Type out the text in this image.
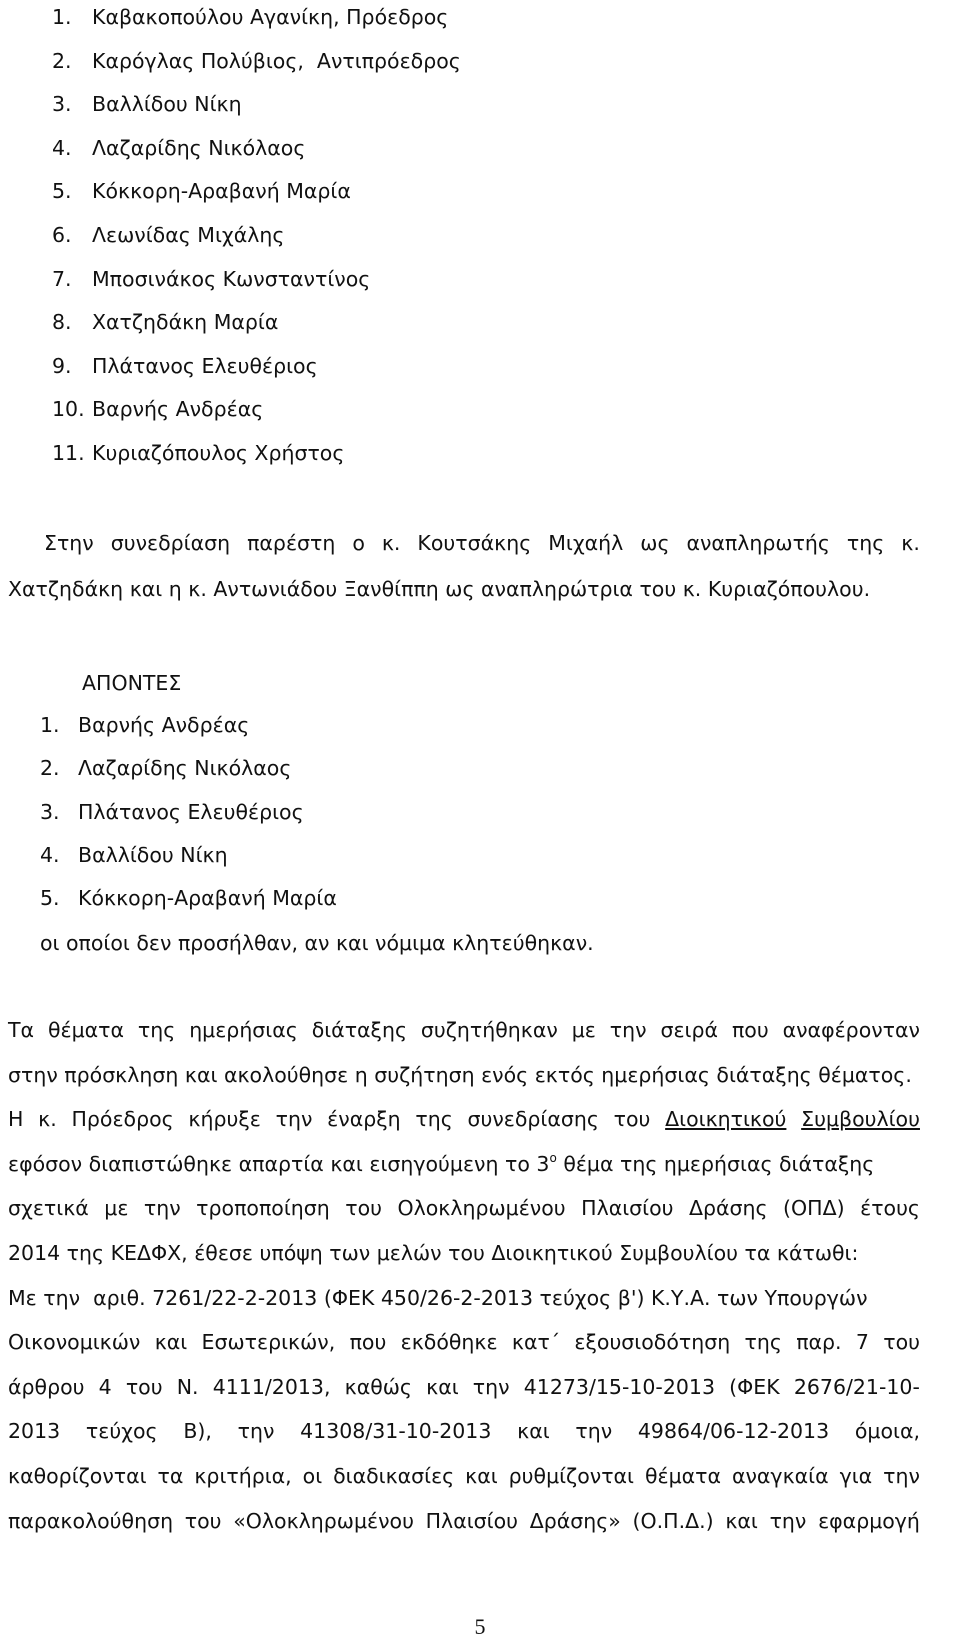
1. Καβακοπούλου Αγανίκη, Πρόεδρος
2. Καρόγλας Πολύβιος,  Αντιπρόεδρος
3. Βαλλίδου Νίκη
4. Λαζαρίδης Νικόλαος
5. Κόκκορη-Αραβανή Μαρία
6. Λεωνίδας Μιχάλης
7. Μποσινάκος Κωνσταντίνος
8. Χατζηδάκη Μαρία
9. Πλάτανος Ελευθέριος
10. Βαρνής Ανδρέας
11. Κυριαζόπουλος Χρήστος
Στην συνεδρίαση παρέστη ο κ. Κουτσάκης Μιχαήλ ως αναπληρωτής της κ.
Χατζηδάκη και η κ. Αντωνιάδου Ξανθίππη ως αναπληρώτρια του κ. Κυριαζόπουλου.
ΑΠΟΝΤΕΣ
1. Βαρνής Ανδρέας
2. Λαζαρίδης Νικόλαος
3. Πλάτανος Ελευθέριος
4. Βαλλίδου Νίκη
5. Κόκκορη-Αραβανή Μαρία
οι οποίοι δεν προσήλθαν, αν και νόμιμα κλητεύθηκαν.
Τα θέματα της ημερήσιας διάταξης συζητήθηκαν με την σειρά που αναφέρονταν
στην πρόσκληση και ακολούθησε η συζήτηση ενός εκτός ημερήσιας διάταξης θέματος.
Η κ. Πρόεδρος κήρυξε την έναρξη της συνεδρίασης του Διοικητικού Συμβουλίου
εφόσον διαπιστώθηκε απαρτία και εισηγούμενη το $3^o$ θέμα της ημερήσιας διάταξης
σχετικά με την τροποποίηση του Ολοκληρωμένου Πλαισίου Δράσης (ΟΠΔ) έτους
2014 της ΚΕΔΦΧ, έθεσε υπόψη των μελών του Διοικητικού Συμβουλίου τα κάτωθι:
Με την  αριθ. 7261/22-2-2013 (ΦΕΚ 450/26-2-2013 τεύχος β') Κ.Υ.Α. των Υπουργών
Οικονομικών και Εσωτερικών, που εκδόθηκε κατ΄ εξουσιοδότηση της παρ. 7 του
άρθρου 4 του Ν. 4111/2013, καθώς και την 41273/15-10-2013 (ΦΕΚ 2676/21-10-
2013 τεύχος Β), την 41308/31-10-2013 και την 49864/06-12-2013 όμοια,
καθορίζονται τα κριτήρια, οι διαδικασίες και ρυθμίζονται θέματα αναγκαία για την
παρακολούθηση του «Ολοκληρωμένου Πλαισίου Δράσης» (Ο.Π.Δ.) και την εφαρμογή
5
